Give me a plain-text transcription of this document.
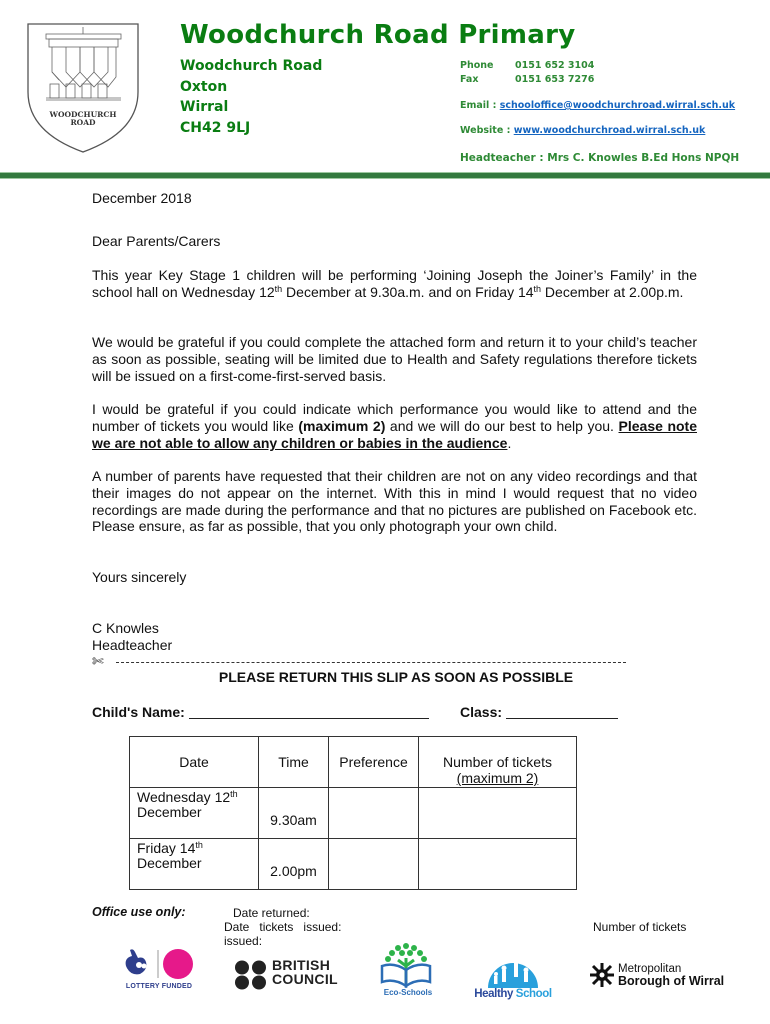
WOODCHURCH
ROAD
Woodchurch Road Primary
Woodchurch Road
Oxton
Wirral
CH42 9LJ
Phone 0151 652 3104
Fax	0151 653 7276
Email : schooloffice@woodchurchroad.wirral.sch.uk
Website : www.woodchurchroad.wirral.sch.uk
Headteacher : Mrs C. Knowles B.Ed Hons NPQH
December 2018
Dear Parents/Carers
This year Key Stage 1 children will be performing ‘Joining Joseph the Joiner’s Family’ in the school hall on Wednesday 12th December at 9.30a.m. and on Friday 14th December at 2.00p.m.
We would be grateful if you could complete the attached form and return it to your child’s teacher as soon as possible, seating will be limited due to Health and Safety regulations therefore tickets will be issued on a first-come-first-served basis.
I would be grateful if you could indicate which performance you would like to attend and the number of tickets you would like (maximum 2) and we will do our best to help you. Please note we are not able to allow any children or babies in the audience.
A number of parents have requested that their children are not on any video recordings and that their images do not appear on the internet. With this in mind I would request that no video recordings are made during the performance and that no pictures are published on Facebook etc. Please ensure, as far as possible, that you only photograph your own child.
Yours sincerely
C Knowles
Headteacher
✄
PLEASE RETURN THIS SLIP AS SOON AS POSSIBLE
Child's Name:	Class:
Date	Time	Preference	Number of tickets
(maximum 2)

Wednesday 12th
December	9.30am		
Friday 14th
December	2.00pm		
Office use only:	Date returned:
Date tickets issued:
issued:
Number of tickets
LOTTERY FUNDED
BRITISH
COUNCIL
Eco-Schools	Healthy School
Metropolitan
Borough of Wirral
